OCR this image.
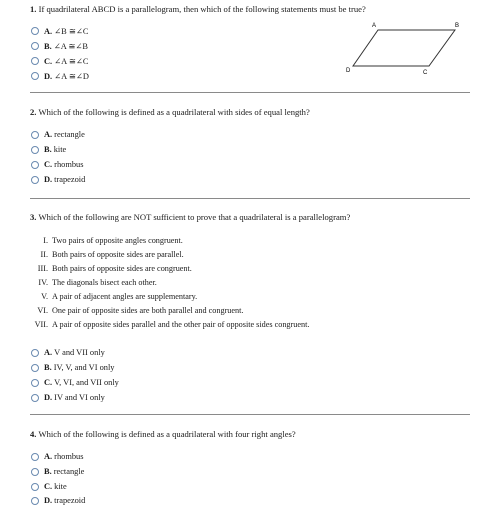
1. If quadrilateral ABCD is a parallelogram, then which of the following statements must be true?
A. ∠B ≅∠C
B. ∠A ≅∠B
C. ∠A ≅∠C
D. ∠A ≅∠D
A	B
C
D
2. Which of the following is defined as a quadrilateral with sides of equal length?
A. rectangle
B. kite
C. rhombus
D. trapezoid
3. Which of the following are NOT sufficient to prove that a quadrilateral is a parallelogram?
I. Two pairs of opposite angles congruent.
II. Both pairs of opposite sides are parallel.
III. Both pairs of opposite sides are congruent.
IV. The diagonals bisect each other.
V. A pair of adjacent angles are supplementary.
VI. One pair of opposite sides are both parallel and congruent.
VII. A pair of opposite sides parallel and the other pair of opposite sides congruent.
A. V and VII only
B. IV, V, and VI only
C. V, VI, and VII only
D. IV and VI only
4. Which of the following is defined as a quadrilateral with four right angles?
A. rhombus
B. rectangle
C. kite
D. trapezoid
